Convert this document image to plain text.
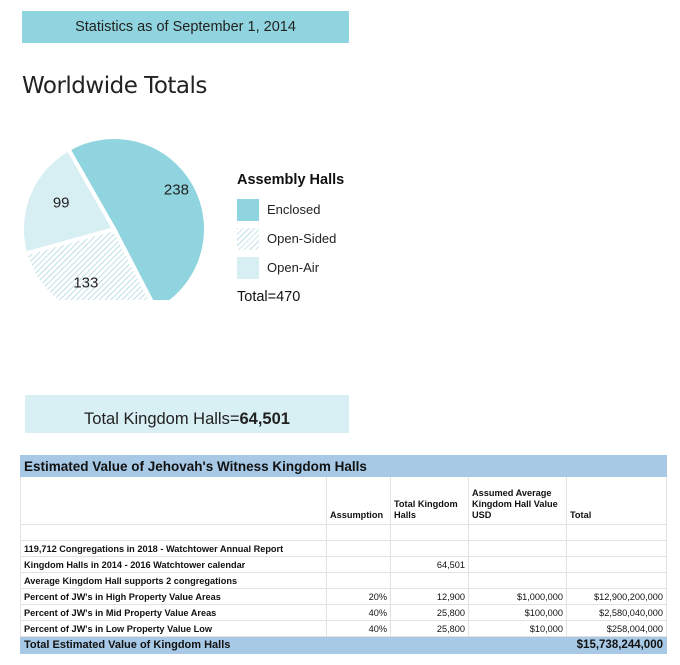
Statistics as of September 1, 2014
Worldwide Totals
238
133
99
Assembly Halls
Enclosed
Open-Sided
Open-Air
Total=470
Total Kingdom Halls= 64,501
Estimated Value of Jehovah's Witness Kingdom Halls				
	Assumption	Total Kingdom Halls	Assumed Average Kingdom Hall Value USD	Total

119,712 Congregations in 2018 - Watchtower Annual Report				
Kingdom Halls in 2014 - 2016 Watchtower calendar		64,501		
Average Kingdom Hall supports 2 congregations				
Percent of JW's in High Property Value Areas	20%	12,900	$1,000,000	$12,900,200,000
Percent of JW's in Mid Property Value Areas	40%	25,800	$100,000	$2,580,040,000
Percent of JW's in Low Property Value Low	40%	25,800	$10,000	$258,004,000
Total Estimated Value of Kingdom Halls				$15,738,244,000
